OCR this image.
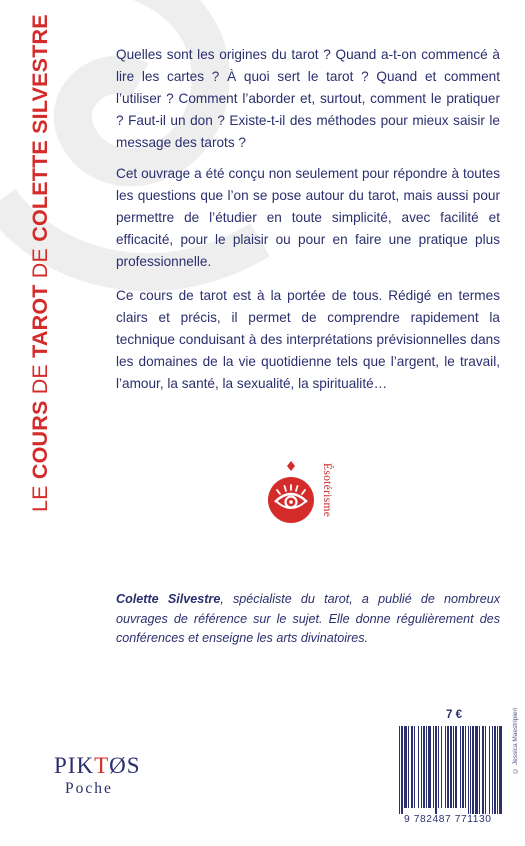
LE COURS DE TAROT DE COLETTE SILVESTRE	Quelles sont les origines du tarot ? Quand a-t-on commencé à lire les cartes ? À quoi sert le tarot ? Quand et comment l’utiliser ? Comment l’aborder et, surtout, comment le pratiquer ? Faut-il un don ? Existe-t-il des méthodes pour mieux saisir le message des tarots ?

Cet ouvrage a été conçu non seulement pour répondre à toutes les questions que l’on se pose autour du tarot, mais aussi pour permettre de l’étudier en toute simplicité, avec facilité et efficacité, pour le plaisir ou pour en faire une pratique plus professionnelle.

Ce cours de tarot est à la portée de tous. Rédigé en termes clairs et précis, il permet de comprendre rapidement la technique conduisant à des interprétations prévisionnelles dans les domaines de la vie quotidienne tels que l’argent, le travail, l’amour, la santé, la sexualité, la spiritualité…

Ésotérisme

Colette Silvestre, spécialiste du tarot, a publié de nombreux ouvrages de référence sur le sujet. Elle donne régulièrement des conférences et enseigne les arts divinatoires.

7 €
9 782487 771130
© Jessica Maestripieri
PIKTØS
Poche
